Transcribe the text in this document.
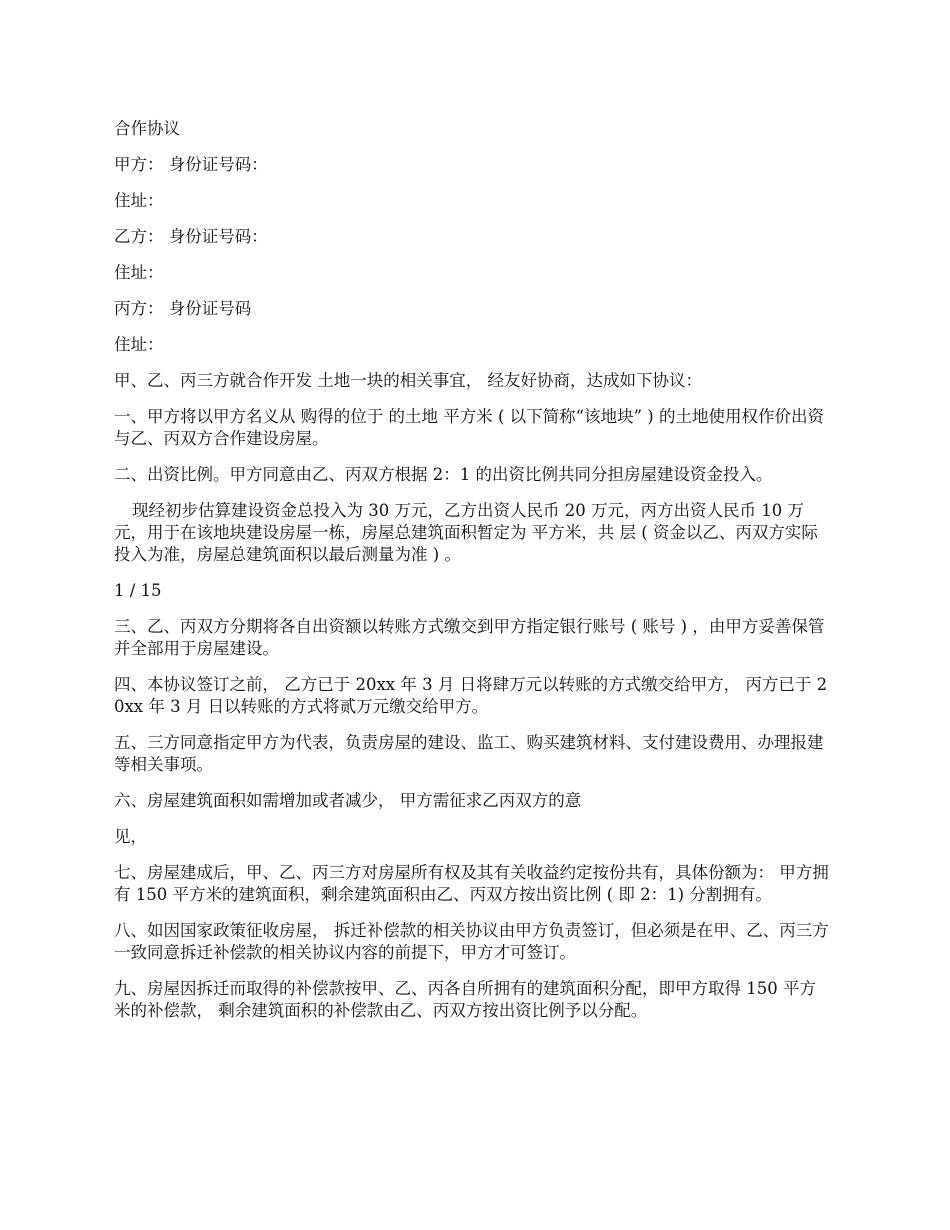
合作协议

甲方： 身份证号码：

住址：

乙方： 身份证号码：

住址：

丙方： 身份证号码

住址：

甲、乙、丙三方就合作开发 土地一块的相关事宜， 经友好协商，达成如下协议：

一、甲方将以甲方名义从 购得的位于 的土地 平方米 ( 以下简称“该地块” ) 的土地使用权作价出资与乙、丙双方合作建设房屋。

二、出资比例。甲方同意由乙、丙双方根据 2：1 的出资比例共同分担房屋建设资金投入。

现经初步估算建设资金总投入为 30 万元，乙方出资人民币 20 万元，丙方出资人民币 10 万元，用于在该地块建设房屋一栋，房屋总建筑面积暂定为 平方米，共 层 ( 资金以乙、丙双方实际投入为准，房屋总建筑面积以最后测量为准 ) 。

1 / 15

三、乙、丙双方分期将各自出资额以转账方式缴交到甲方指定银行账号 ( 账号 ) ，由甲方妥善保管并全部用于房屋建设。

四、本协议签订之前， 乙方已于 20xx 年 3 月 日将肆万元以转账的方式缴交给甲方， 丙方已于 20xx 年 3 月 日以转账的方式将贰万元缴交给甲方。

五、三方同意指定甲方为代表，负责房屋的建设、监工、购买建筑材料、支付建设费用、办理报建等相关事项。

六、房屋建筑面积如需增加或者减少， 甲方需征求乙丙双方的意

见，

七、房屋建成后，甲、乙、丙三方对房屋所有权及其有关收益约定按份共有，具体份额为： 甲方拥有 150 平方米的建筑面积，剩余建筑面积由乙、丙双方按出资比例 ( 即 2：1) 分割拥有。

八、如因国家政策征收房屋， 拆迁补偿款的相关协议由甲方负责签订，但必须是在甲、乙、丙三方一致同意拆迁补偿款的相关协议内容的前提下，甲方才可签订。

九、房屋因拆迁而取得的补偿款按甲、乙、丙各自所拥有的建筑面积分配，即甲方取得 150 平方米的补偿款， 剩余建筑面积的补偿款由乙、丙双方按出资比例予以分配。
